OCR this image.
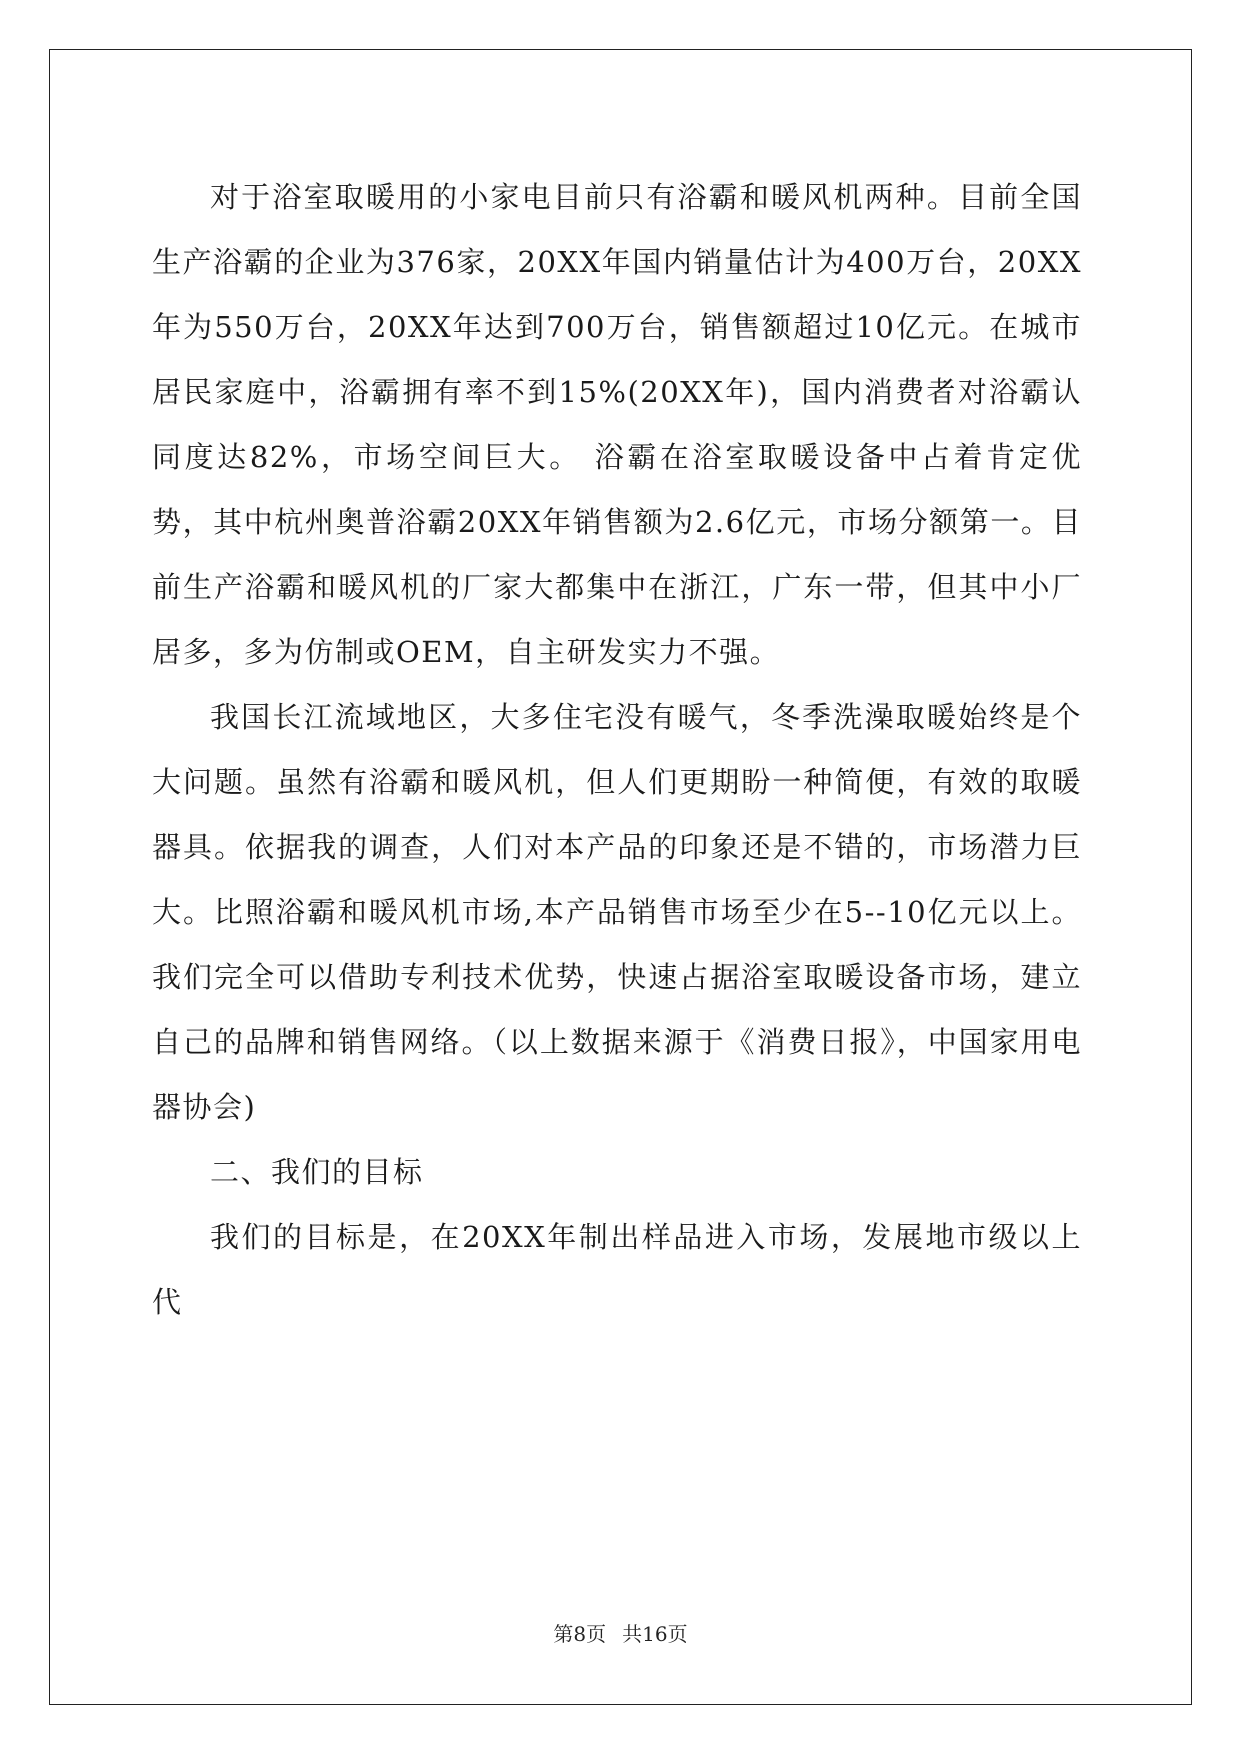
对于浴室取暖用的小家电目前只有浴霸和暖风机两种。目前全国生产浴霸的企业为376家，20XX年国内销量估计为400万台，20XX年为550万台，20XX年达到700万台，销售额超过10亿元。在城市居民家庭中，浴霸拥有率不到15%(20XX年)，国内消费者对浴霸认同度达82%，市场空间巨大。 浴霸在浴室取暖设备中占着肯定优势，其中杭州奥普浴霸20XX年销售额为2.6亿元，市场分额第一。目前生产浴霸和暖风机的厂家大都集中在浙江，广东一带，但其中小厂居多，多为仿制或OEM，自主研发实力不强。

我国长江流域地区，大多住宅没有暖气，冬季洗澡取暖始终是个大问题。虽然有浴霸和暖风机，但人们更期盼一种简便，有效的取暖器具。依据我的调查，人们对本产品的印象还是不错的，市场潜力巨大。比照浴霸和暖风机市场,本产品销售市场至少在5--10亿元以上。我们完全可以借助专利技术优势，快速占据浴室取暖设备市场，建立自己的品牌和销售网络。（以上数据来源于《消费日报》，中国家用电器协会)

二、我们的目标

我们的目标是，在20XX年制出样品进入市场，发展地市级以上代

第8页 共16页
